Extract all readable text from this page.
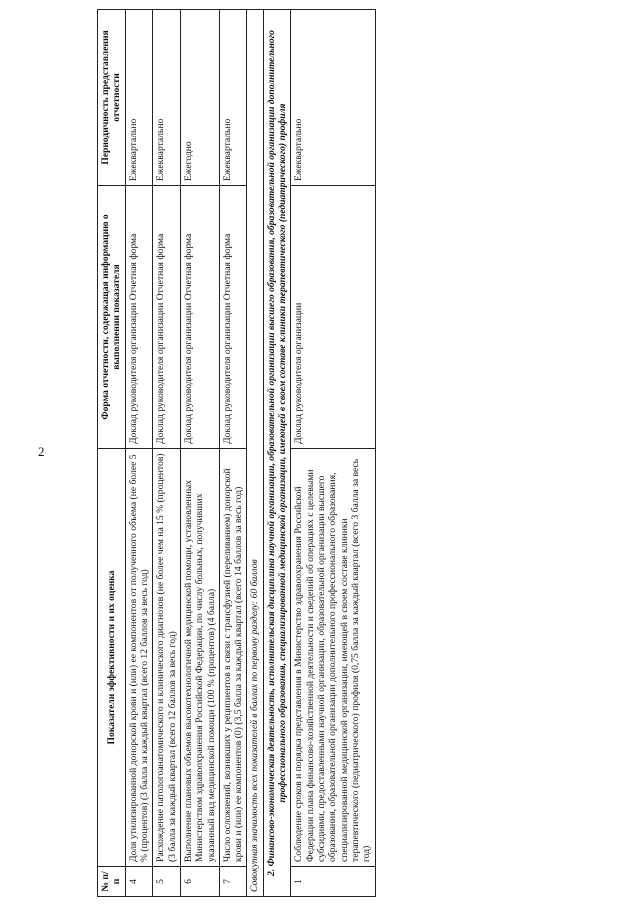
2
№ п/п	Показатели эффективности и их оценка	Форма отчетности, содержащая информацию о выполнении показателя	Периодичность представления отчетности
4	Доля утилизированной донорской крови и (или) ее компонентов от полученного объема (не более 5 % (процентов) (3 балла за каждый квартал (всего 12 баллов за весь год)	Доклад руководителя организации Отчетная форма	Ежеквартально
5	Расхождение патологоанатомического и клинического диагнозов (не более чем на 15 % (процентов) (3 балла за каждый квартал (всего 12 баллов за весь год)	Доклад руководителя организации Отчетная форма	Ежеквартально
6	Выполнение плановых объемов высокотехнологичной медицинской помощи, установленных Министерством здравоохранения Российской Федерации, по числу больных, получивших указанный вид медицинской помощи (100 % (процентов) (4 балла)	Доклад руководителя организации Отчетная форма	Ежегодно
7	Число осложнений, возникших у реципиентов в связи с трансфузией (переливанием) донорской крови и (или) ее компонентов (0) (3,5 балла за каждый квартал (всего 14 баллов за весь год)	Доклад руководителя организации Отчетная форма	Ежеквартально
Совокупная значимость всех показателей в баллах по первому разделу: 60 баллов			
2. Финансово-экономическая деятельность, исполнительская дисциплина научной организации, образовательной организации высшего образования, образовательной организации дополнительного профессионального образования, специализированной медицинской организации, имеющей в своем составе клиники терапевтического (педиатрического) профиля			
1	Соблюдение сроков и порядка представления в Министерство здравоохранения Российской Федерации плана финансово-хозяйственной деятельности и сведений об операциях с целевыми субсидиями, предоставленными научной организации, образовательной организации высшего образования, образовательной организации дополнительного профессионального образования, специализированной медицинской организации, имеющей в своем составе клиники терапевтического (педиатрического) профиля (0,75 балла за каждый квартал (всего 3 балла за весь год)	Доклад руководителя организации	Ежеквартально
